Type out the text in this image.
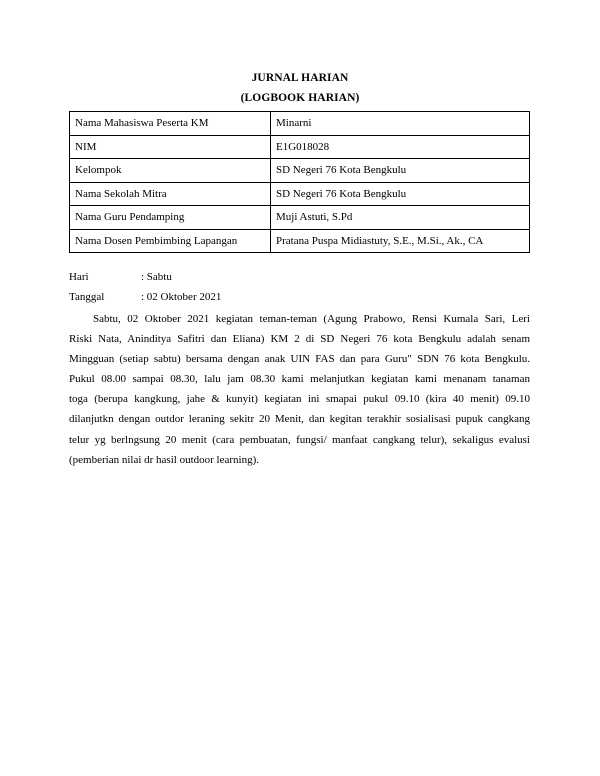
JURNAL HARIAN
(LOGBOOK HARIAN)
Nama Mahasiswa Peserta KM	Minarni
NIM	E1G018028
Kelompok	SD Negeri 76 Kota Bengkulu
Nama Sekolah Mitra	SD Negeri 76 Kota Bengkulu
Nama Guru Pendamping	Muji Astuti, S.Pd
Nama Dosen Pembimbing Lapangan	Pratana Puspa Midiastuty, S.E., M.Si., Ak., CA
Hari	: Sabtu
Tanggal	: 02 Oktober 2021

Sabtu, 02 Oktober 2021 kegiatan teman-teman (Agung Prabowo, Rensi Kumala Sari, Leri
Riski Nata, Aninditya Safitri dan Eliana) KM 2 di SD Negeri 76 kota Bengkulu adalah senam
Mingguan (setiap sabtu) bersama dengan anak UIN FAS dan para Guru" SDN 76 kota Bengkulu.
Pukul 08.00 sampai 08.30, lalu jam 08.30 kami melanjutkan kegiatan kami menanam tanaman
toga (berupa kangkung, jahe & kunyit) kegiatan ini smapai pukul 09.10 (kira 40 menit) 09.10
dilanjutkn dengan outdor leraning sekitr 20 Menit, dan kegitan terakhir sosialisasi pupuk cangkang
telur yg berlngsung 20 menit (cara pembuatan, fungsi/ manfaat cangkang telur), sekaligus evalusi
(pemberian nilai dr hasil outdoor learning).
